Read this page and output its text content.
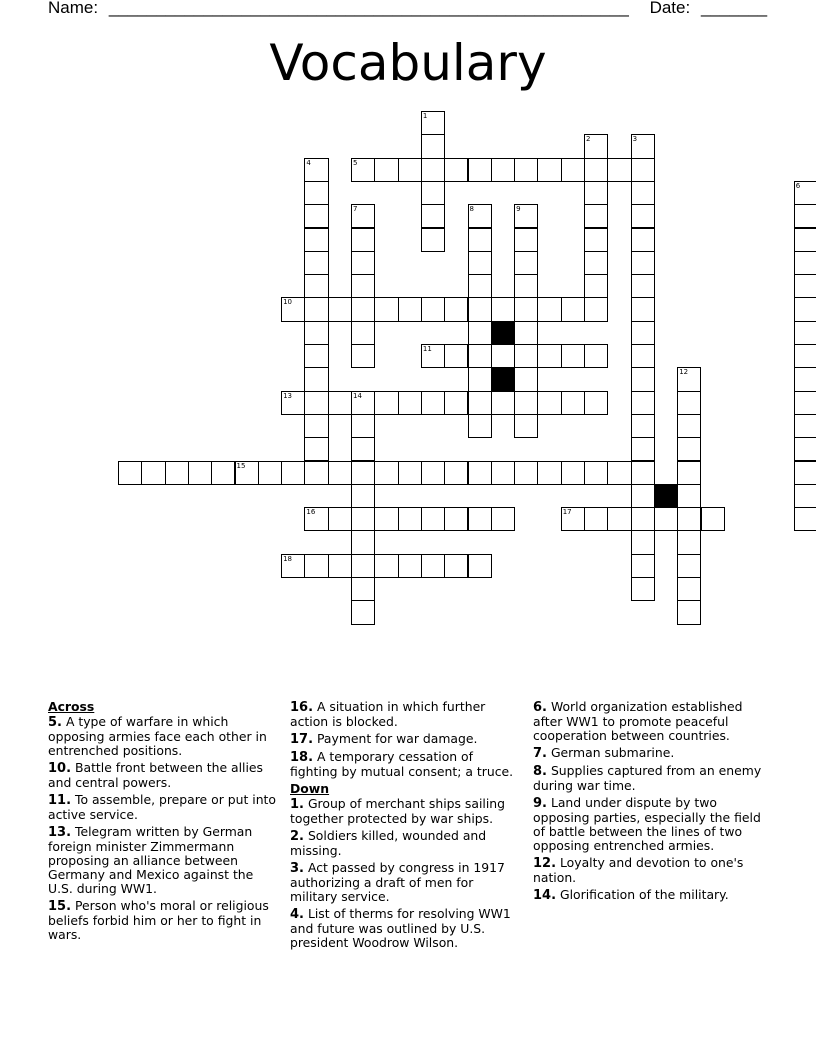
Name: _______________________________________________________ Date: _______
Vocabulary
5
10
11
13	14
15
16	17
18
1
2	3
4
6
7	8	9
12
Across
5. A type of warfare in which opposing armies face each other in entrenched positions.
10. Battle front between the allies and central powers.
11. To assemble, prepare or put into active service.
13. Telegram written by German foreign minister Zimmermann proposing an alliance between Germany and Mexico against the U.S. during WW1.
15. Person who's moral or religious beliefs forbid him or her to fight in wars.
16. A situation in which further action is blocked.
17. Payment for war damage.
18. A temporary cessation of fighting by mutual consent; a truce.
Down
1. Group of merchant ships sailing together protected by war ships.
2. Soldiers killed, wounded and missing.
3. Act passed by congress in 1917 authorizing a draft of men for military service.
4. List of therms for resolving WW1 and future was outlined by U.S. president Woodrow Wilson.
6. World organization established after WW1 to promote peaceful cooperation between countries.
7. German submarine.
8. Supplies captured from an enemy during war time.
9. Land under dispute by two opposing parties, especially the field of battle between the lines of two opposing entrenched armies.
12. Loyalty and devotion to one's nation.
14. Glorification of the military.
